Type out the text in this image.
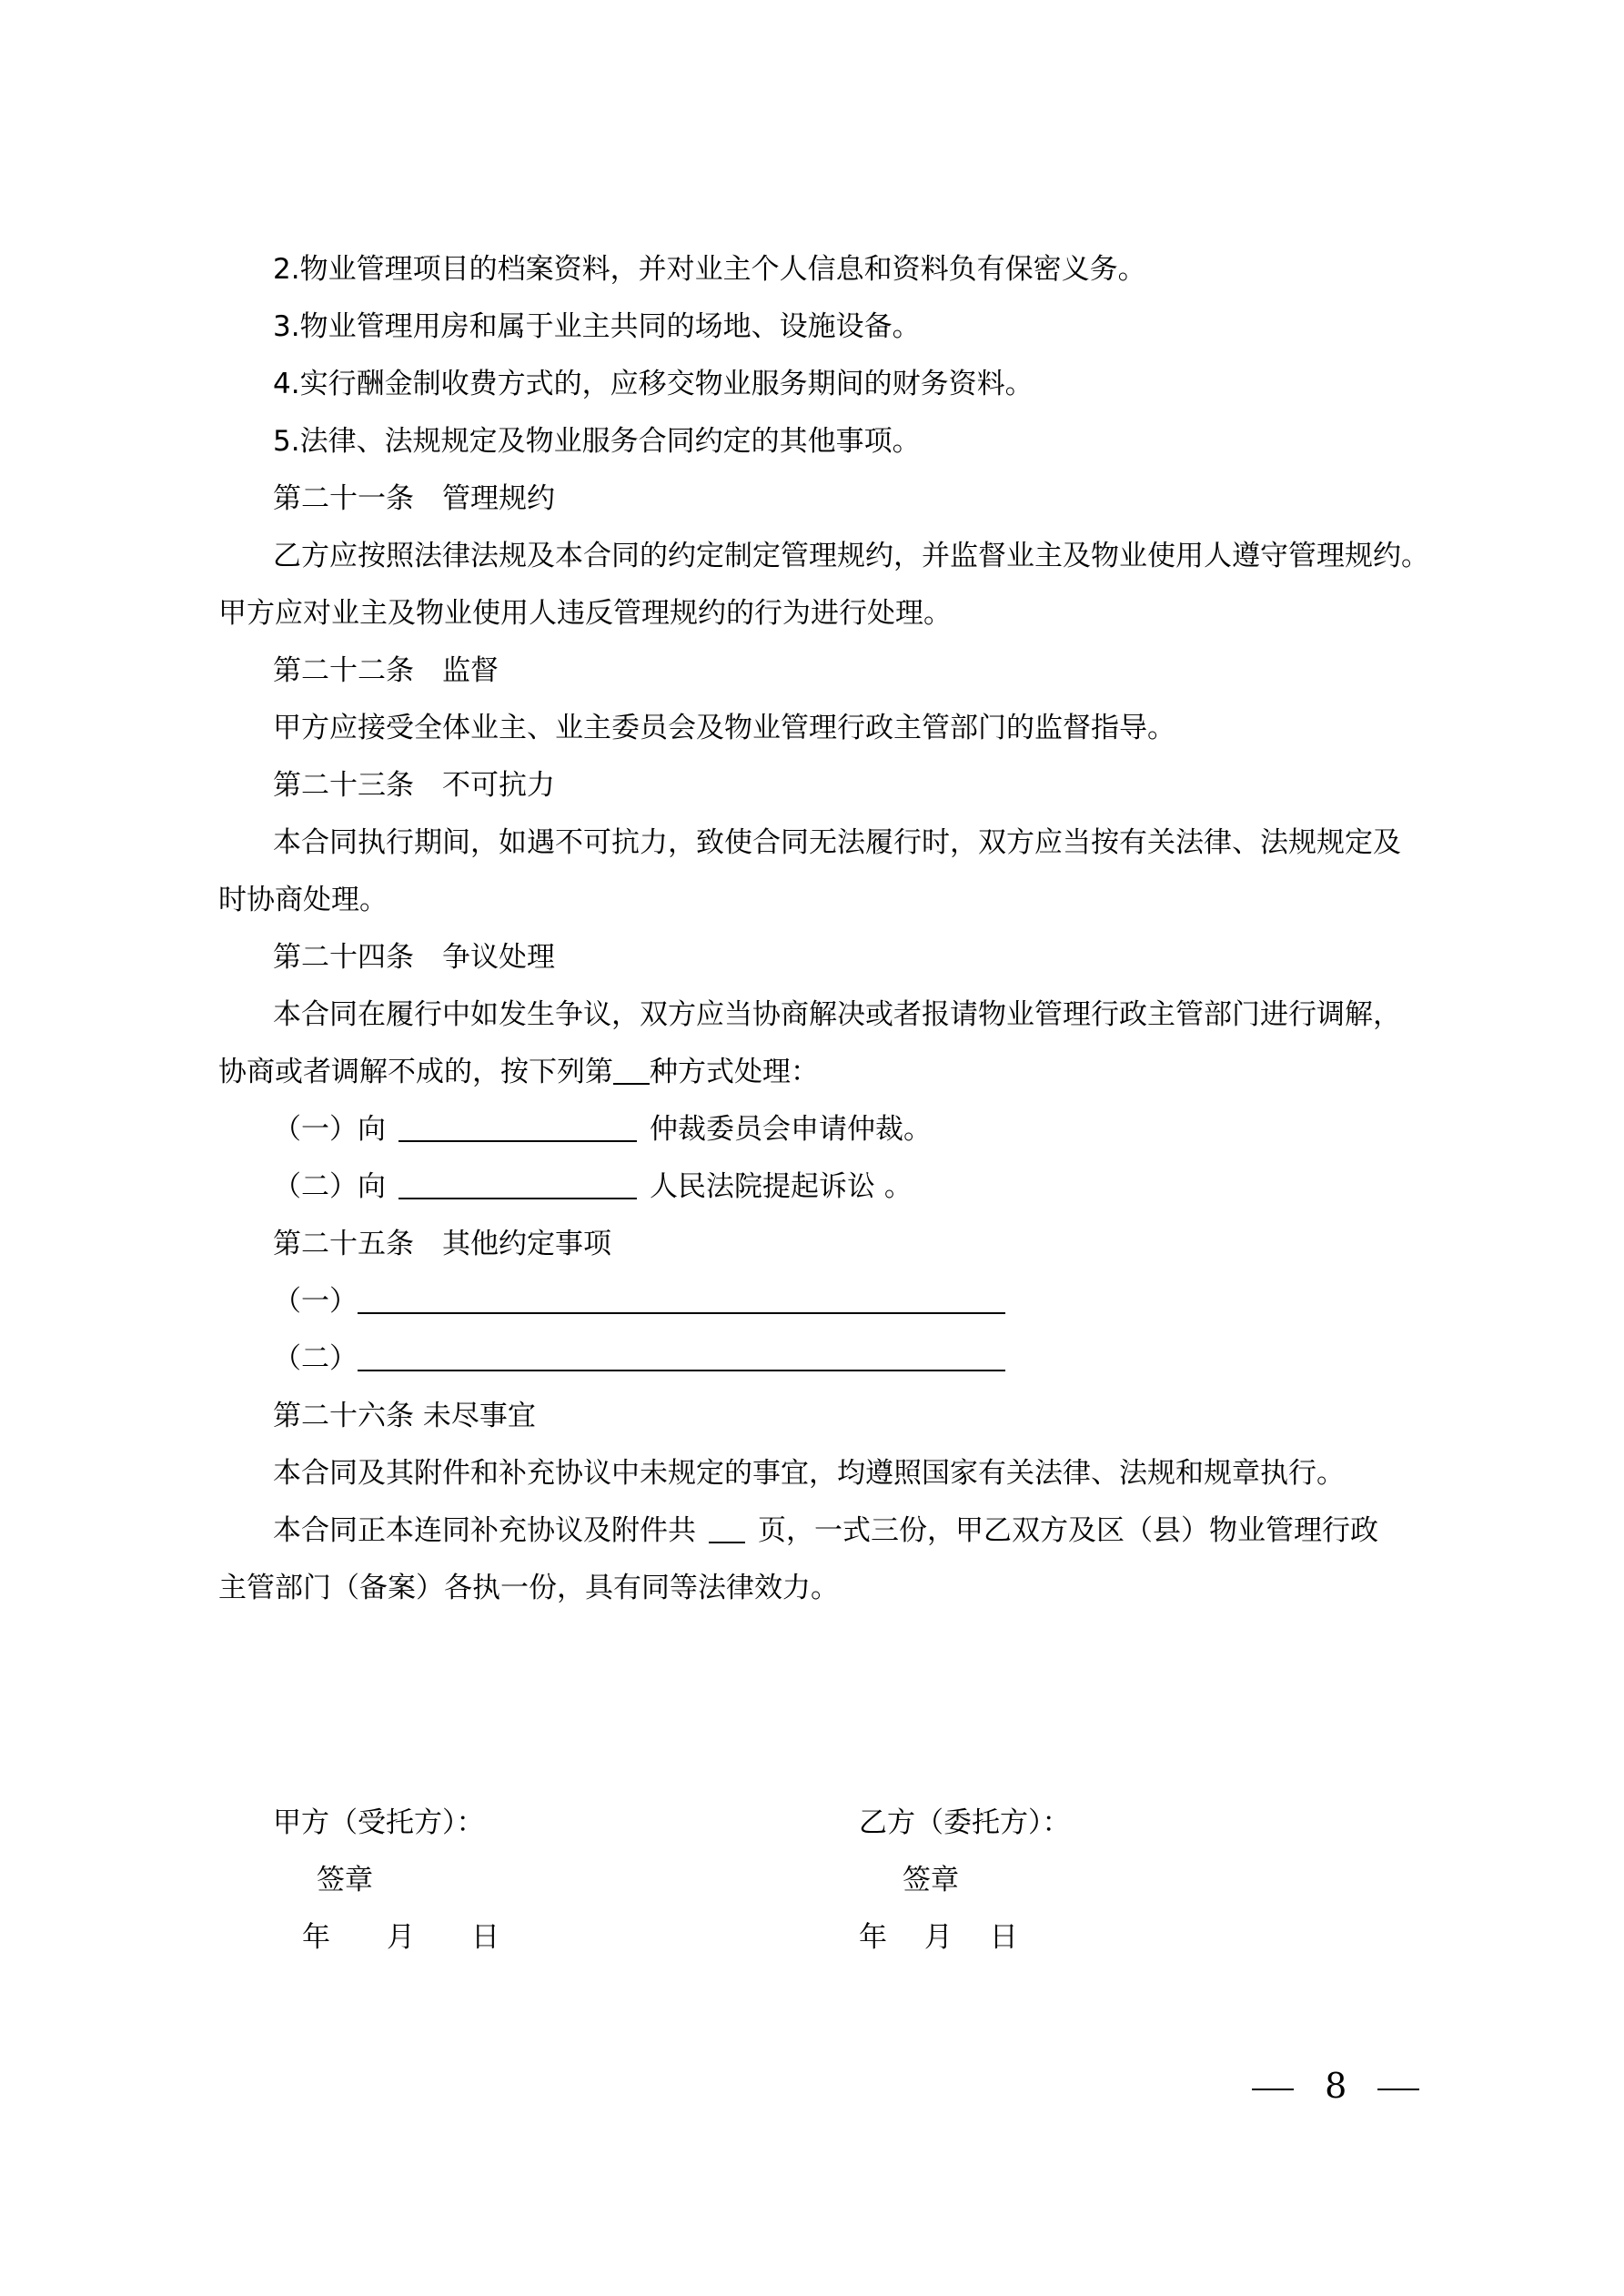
2.物业管理项目的档案资料，并对业主个人信息和资料负有保密义务。
3.物业管理用房和属于业主共同的场地、设施设备。
4.实行酬金制收费方式的，应移交物业服务期间的财务资料。
5.法律、法规规定及物业服务合同约定的其他事项。
第二十一条　管理规约
乙方应按照法律法规及本合同的约定制定管理规约，并监督业主及物业使用人遵守管理规约。
甲方应对业主及物业使用人违反管理规约的行为进行处理。
第二十二条　监督
甲方应接受全体业主、业主委员会及物业管理行政主管部门的监督指导。
第二十三条　不可抗力
本合同执行期间，如遇不可抗力，致使合同无法履行时，双方应当按有关法律、法规规定及
时协商处理。
第二十四条　争议处理
本合同在履行中如发生争议，双方应当协商解决或者报请物业管理行政主管部门进行调解，
协商或者调解不成的，按下列第 种方式处理：
（一）向	仲裁委员会申请仲裁。
（二）向	人民法院提起诉讼 。
第二十五条　其他约定事项
（一）
（二）
第二十六条 未尽事宜
本合同及其附件和补充协议中未规定的事宜，均遵照国家有关法律、法规和规章执行。
本合同正本连同补充协议及附件共 页，一式三份，甲乙双方及区（县）物业管理行政
主管部门（备案）各执一份，具有同等法律效力。
甲方（受托方）：
签章
年　　月　　日
乙方（委托方）：
签章
年　 月 　日
8
